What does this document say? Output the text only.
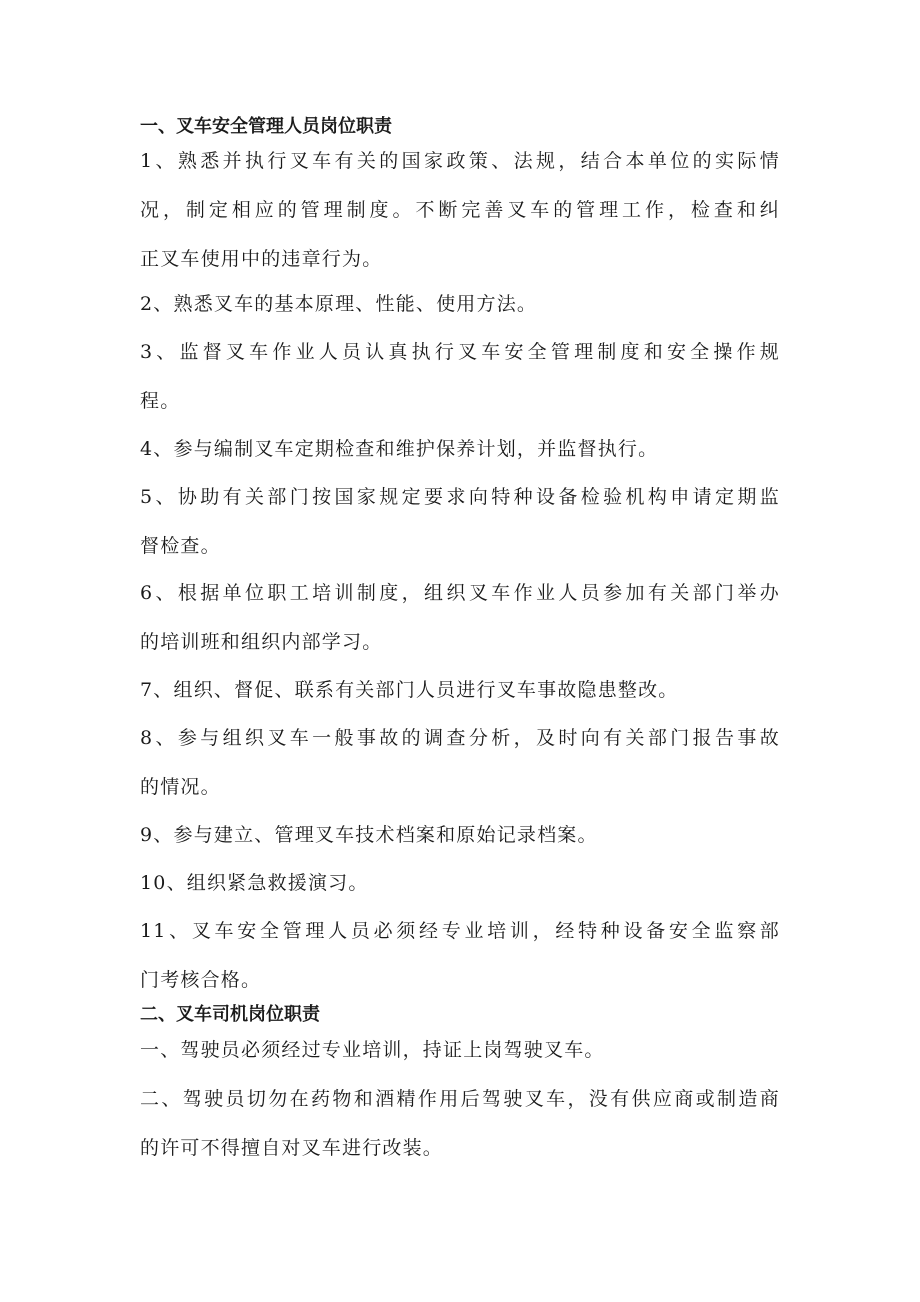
一、叉车安全管理人员岗位职责
1、熟悉并执行叉车有关的国家政策、法规，结合本单位的实际情
况，制定相应的管理制度。不断完善叉车的管理工作，检查和纠
正叉车使用中的违章行为。
2、熟悉叉车的基本原理、性能、使用方法。
3、监督叉车作业人员认真执行叉车安全管理制度和安全操作规
程。
4、参与编制叉车定期检查和维护保养计划，并监督执行。
5、协助有关部门按国家规定要求向特种设备检验机构申请定期监
督检查。
6、根据单位职工培训制度，组织叉车作业人员参加有关部门举办
的培训班和组织内部学习。
7、组织、督促、联系有关部门人员进行叉车事故隐患整改。
8、参与组织叉车一般事故的调查分析，及时向有关部门报告事故
的情况。
9、参与建立、管理叉车技术档案和原始记录档案。
10、组织紧急救援演习。
11、叉车安全管理人员必须经专业培训，经特种设备安全监察部
门考核合格。
二、叉车司机岗位职责
一、驾驶员必须经过专业培训，持证上岗驾驶叉车。
二、驾驶员切勿在药物和酒精作用后驾驶叉车，没有供应商或制造商
的许可不得擅自对叉车进行改装。
